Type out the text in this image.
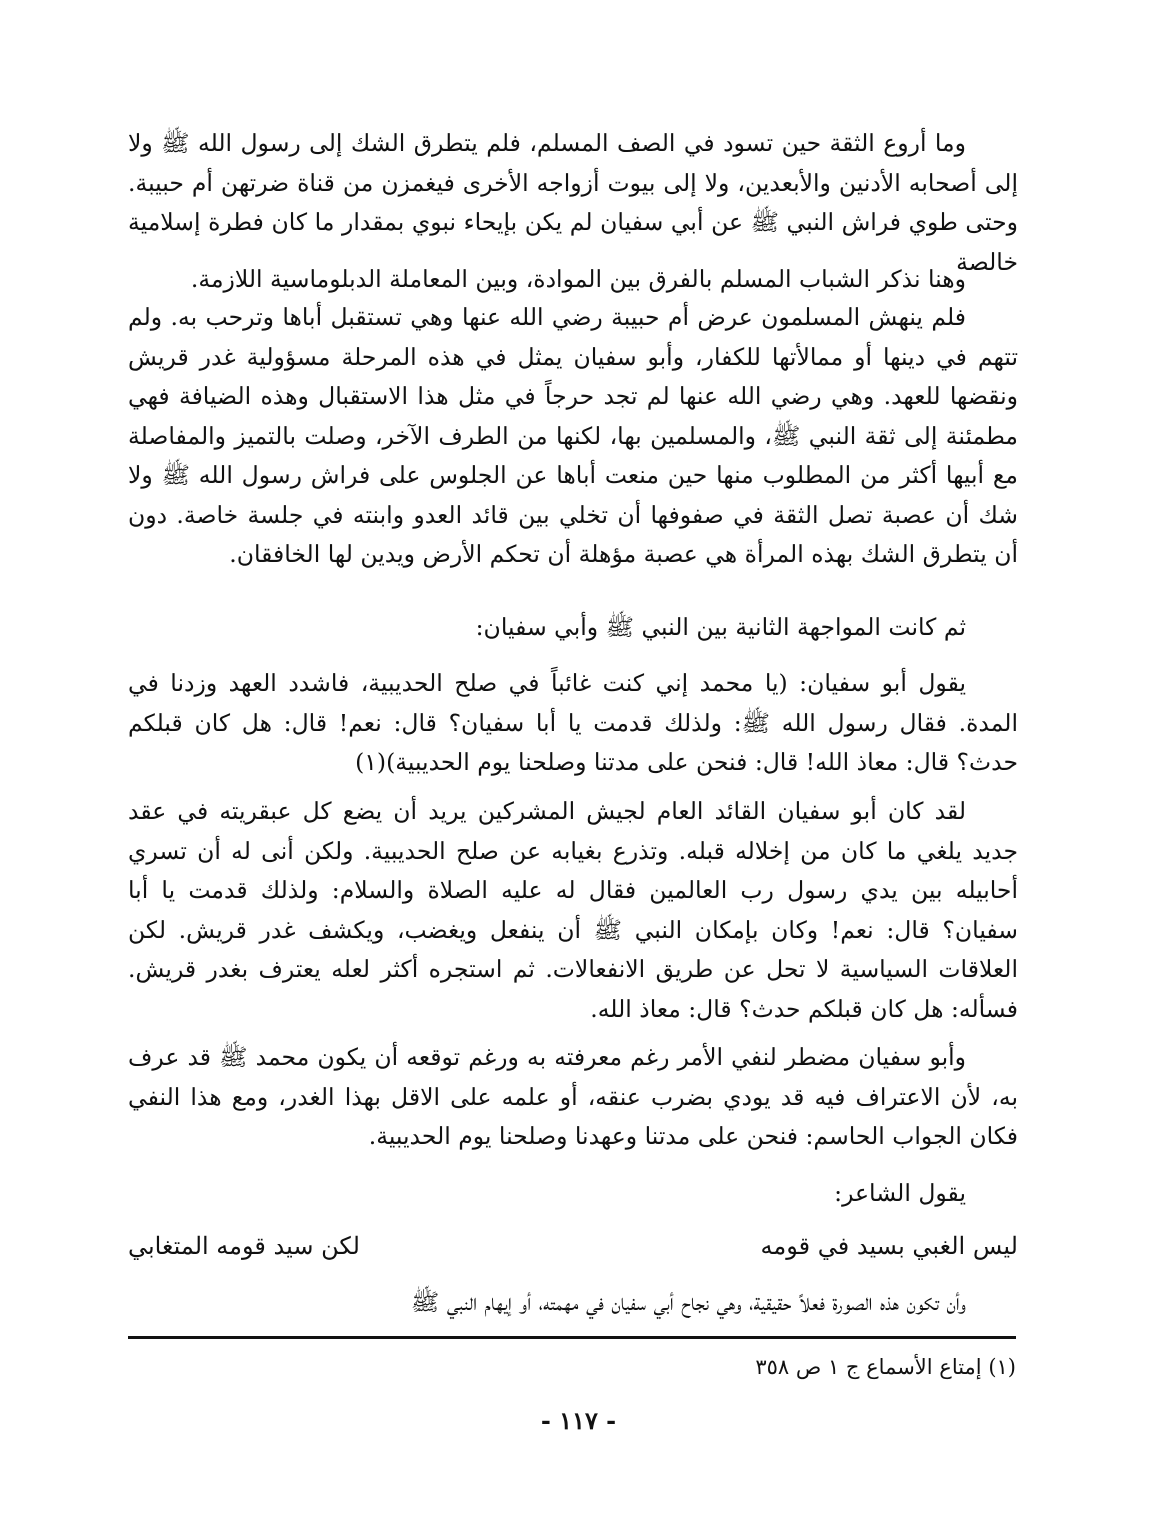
وما أروع الثقة حين تسود في الصف المسلم، فلم يتطرق الشك إلى رسول الله ﷺ ولا إلى أصحابه الأدنين والأبعدين، ولا إلى بيوت أزواجه الأخرى فيغمزن من قناة ضرتهن أم حبيبة. وحتى طوي فراش النبي ﷺ عن أبي سفيان لم يكن بإيحاء نبوي بمقدار ما كان فطرة إسلامية خالصة

وهنا نذكر الشباب المسلم بالفرق بين الموادة، وبين المعاملة الدبلوماسية اللازمة.

فلم ينهش المسلمون عرض أم حبيبة رضي الله عنها وهي تستقبل أباها وترحب به. ولم تتهم في دينها أو ممالأتها للكفار، وأبو سفيان يمثل في هذه المرحلة مسؤولية غدر قريش ونقضها للعهد. وهي رضي الله عنها لم تجد حرجاً في مثل هذا الاستقبال وهذه الضيافة فهي مطمئنة إلى ثقة النبي ﷺ، والمسلمين بها، لكنها من الطرف الآخر، وصلت بالتميز والمفاصلة مع أبيها أكثر من المطلوب منها حين منعت أباها عن الجلوس على فراش رسول الله ﷺ ولا شك أن عصبة تصل الثقة في صفوفها أن تخلي بين قائد العدو وابنته في جلسة خاصة. دون أن يتطرق الشك بهذه المرأة هي عصبة مؤهلة أن تحكم الأرض ويدين لها الخافقان.

ثم كانت المواجهة الثانية بين النبي ﷺ وأبي سفيان:

يقول أبو سفيان: (يا محمد إني كنت غائباً في صلح الحديبية، فاشدد العهد وزدنا في المدة. فقال رسول الله ﷺ: ولذلك قدمت يا أبا سفيان؟ قال: نعم! قال: هل كان قبلكم حدث؟ قال: معاذ الله! قال: فنحن على مدتنا وصلحنا يوم الحديبية)(١)

لقد كان أبو سفيان القائد العام لجيش المشركين يريد أن يضع كل عبقريته في عقد جديد يلغي ما كان من إخلاله قبله. وتذرع بغيابه عن صلح الحديبية. ولكن أنى له أن تسري أحابيله بين يدي رسول رب العالمين فقال له عليه الصلاة والسلام: ولذلك قدمت يا أبا سفيان؟ قال: نعم! وكان بإمكان النبي ﷺ أن ينفعل ويغضب، ويكشف غدر قريش. لكن العلاقات السياسية لا تحل عن طريق الانفعالات. ثم استجره أكثر لعله يعترف بغدر قريش. فسأله: هل كان قبلكم حدث؟ قال: معاذ الله.

وأبو سفيان مضطر لنفي الأمر رغم معرفته به ورغم توقعه أن يكون محمد ﷺ قد عرف به، لأن الاعتراف فيه قد يودي بضرب عنقه، أو علمه على الاقل بهذا الغدر، ومع هذا النفي فكان الجواب الحاسم: فنحن على مدتنا وعهدنا وصلحنا يوم الحديبية.

يقول الشاعر:

ليس الغبي بسيد في قومه
لكن سيد قومه المتغابي
وأن تكون هذه الصورة فعلاً حقيقية، وهي نجاح أبي سفيان في مهمته، أو إيهام النبي ﷺ
(١) إمتاع الأسماع ج ١ ص ٣٥٨
- ١١٧ -
